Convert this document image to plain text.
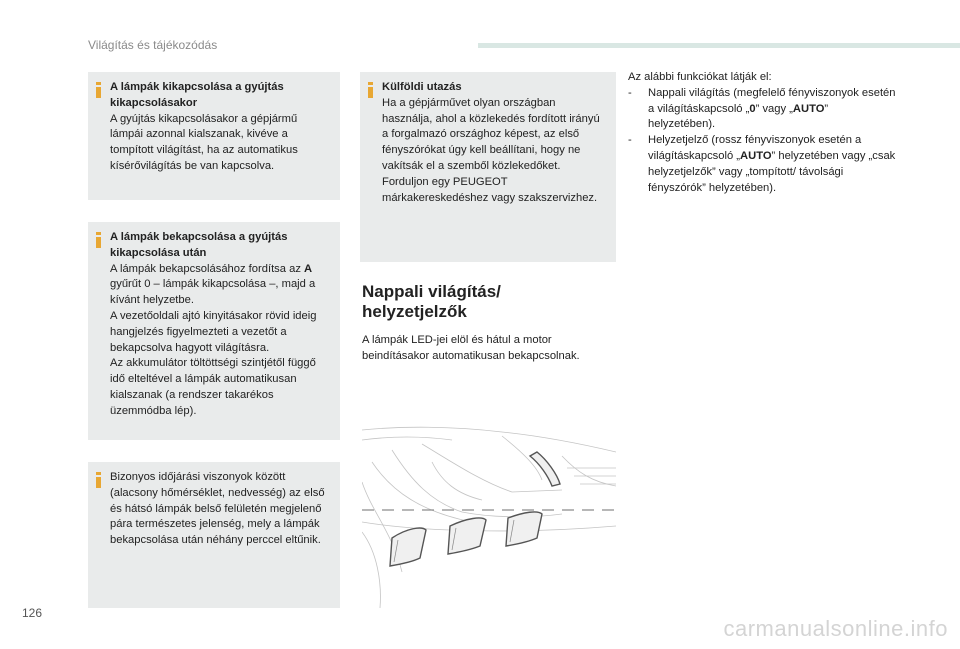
Világítás és tájékozódás
A lámpák kikapcsolása a gyújtás kikapcsolásakor

A gyújtás kikapcsolásakor a gépjármű lámpái azonnal kialszanak, kivéve a tompított világítást, ha az automatikus kísérővilágítás be van kapcsolva.

A lámpák bekapcsolása a gyújtás kikapcsolása után

A lámpák bekapcsolásához fordítsa az A gyűrűt 0 – lámpák kikapcsolása –, majd a kívánt helyzetbe.

A vezetőoldali ajtó kinyitásakor rövid ideig hangjelzés figyelmezteti a vezetőt a bekapcsolva hagyott világításra.

Az akkumulátor töltöttségi szintjétől függő idő elteltével a lámpák automatikusan kialszanak (a rendszer takarékos üzemmódba lép).

Bizonyos időjárási viszonyok között (alacsony hőmérséklet, nedvesség) az első és hátsó lámpák belső felületén megjelenő pára természetes jelenség, mely a lámpák bekapcsolása után néhány perccel eltűnik.

Külföldi utazás

Ha a gépjárművet olyan országban használja, ahol a közlekedés fordított irányú a forgalmazó országhoz képest, az első fényszórókat úgy kell beállítani, hogy ne vakítsák el a szemből közlekedőket. Forduljon egy PEUGEOT márkakereskedéshez vagy szakszervizhez.

Nappali világítás/
helyzetjelzők
A lámpák LED-jei elöl és hátul a motor beindításakor automatikusan bekapcsolnak.
Az alábbi funkciókat látják el:
- Nappali világítás (megfelelő fényviszonyok esetén a világításkapcsoló „0” vagy „AUTO” helyzetében).
- Helyzetjelző (rossz fényviszonyok esetén a világításkapcsoló „AUTO” helyzetében vagy „csak helyzetjelzők” vagy „tompított/ távolsági fényszórók” helyzetében).
126
carmanualsonline.info
